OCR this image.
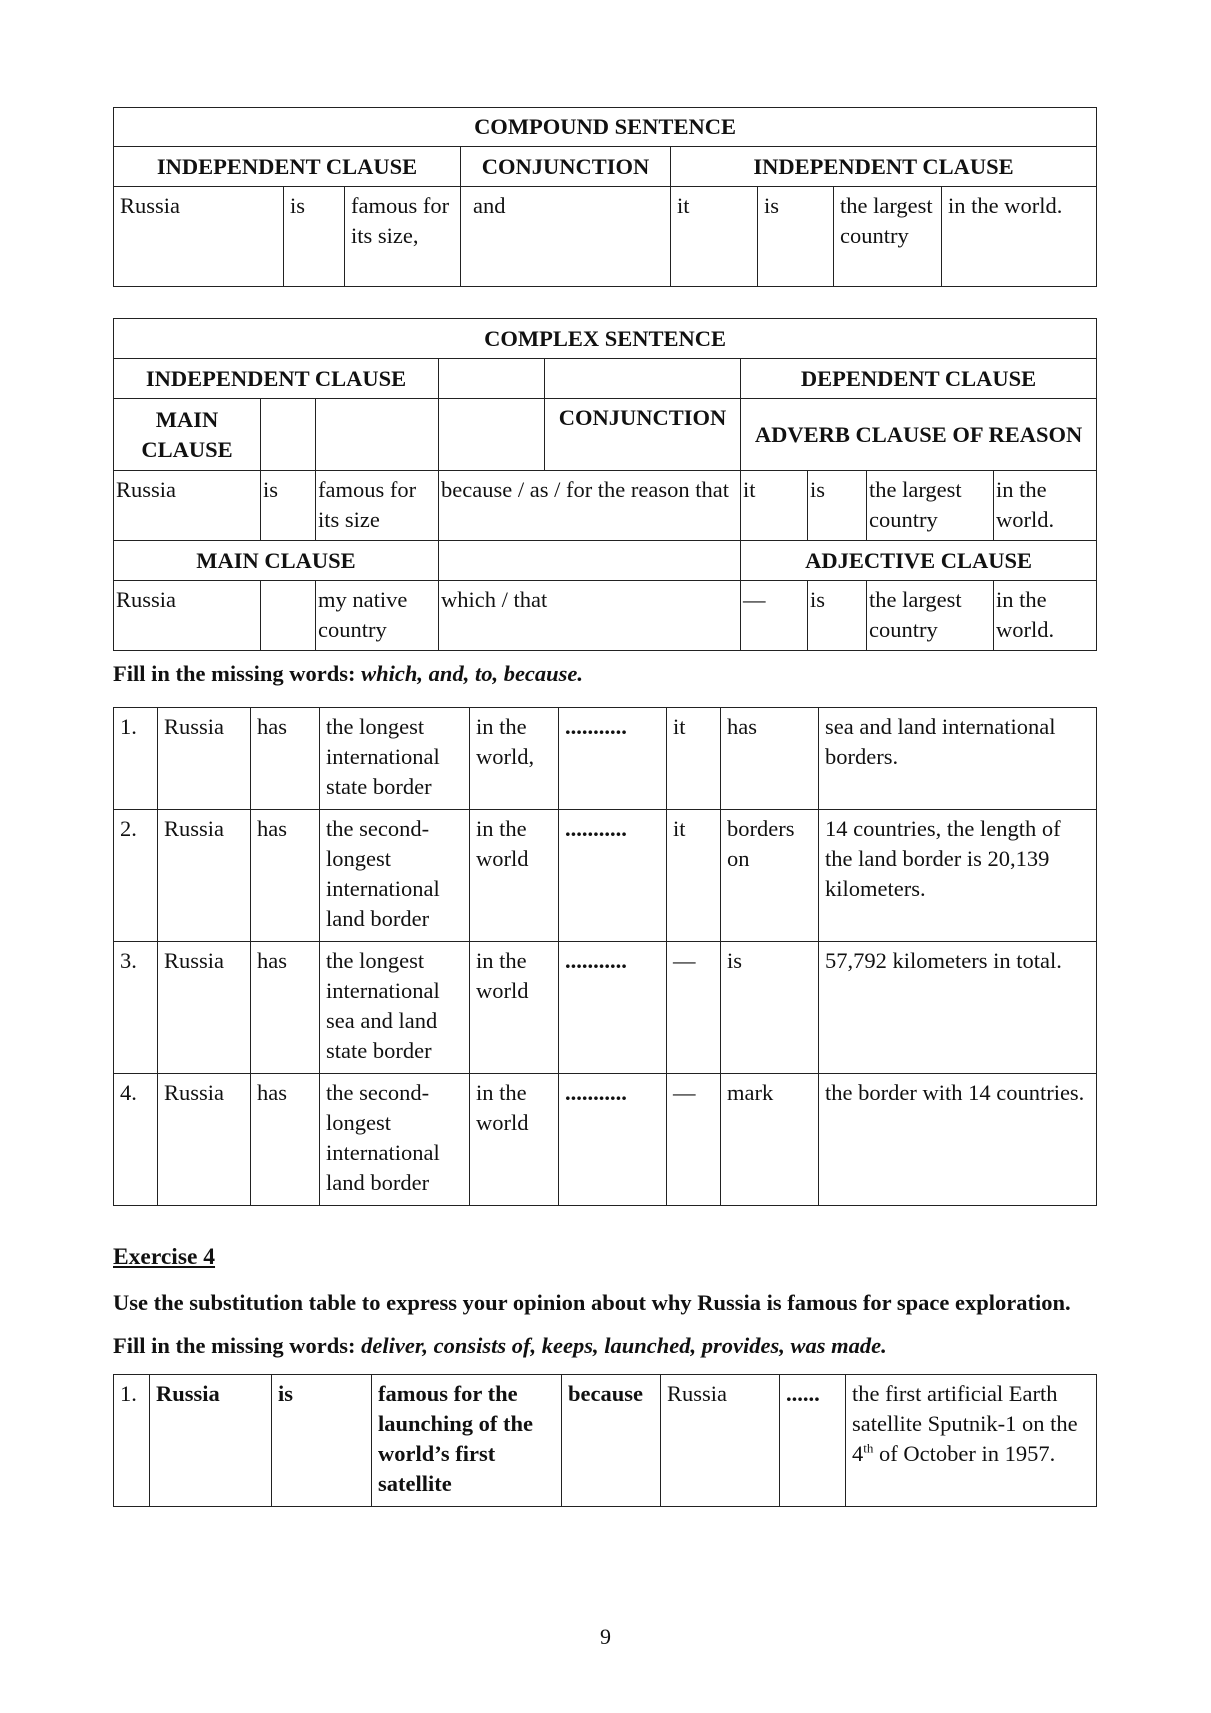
COMPOUND SENTENCE							
INDEPENDENT CLAUSE			CONJUNCTION	INDEPENDENT CLAUSE			
Russia	is	famous for its size,	and	it	is	the largest country	in the world.
COMPLEX SENTENCE								
INDEPENDENT CLAUSE					DEPENDENT CLAUSE			
MAIN CLAUSE				CONJUNCTION	ADVERB CLAUSE OF REASON			
Russia	is	famous for its size	because / as / for the reason that		it	is	the largest country	in the world.
MAIN CLAUSE					ADJECTIVE CLAUSE			
Russia		my native country	which / that		—	is	the largest country	in the world.

Fill in the missing words: which, and, to, because.

1.	Russia	has	the longest international state border	in the world,	...........	it	has	sea and land international borders.
2.	Russia	has	the second-longest international land border	in the world	...........	it	borders on	14 countries, the length of the land border is 20,139 kilometers.
3.	Russia	has	the longest international sea and land state border	in the world	...........	—	is	57,792 kilometers in total.
4.	Russia	has	the second-longest international land border	in the world	...........	—	mark	the border with 14 countries.

Exercise 4

Use the substitution table to express your opinion about why Russia is famous for space exploration.

Fill in the missing words: deliver, consists of, keeps, launched, provides, was made.

1.	Russia	is	famous for the launching of the world’s first satellite	because	Russia	......	the first artificial Earth satellite Sputnik-1 on the 4th of October in 1957.
9
